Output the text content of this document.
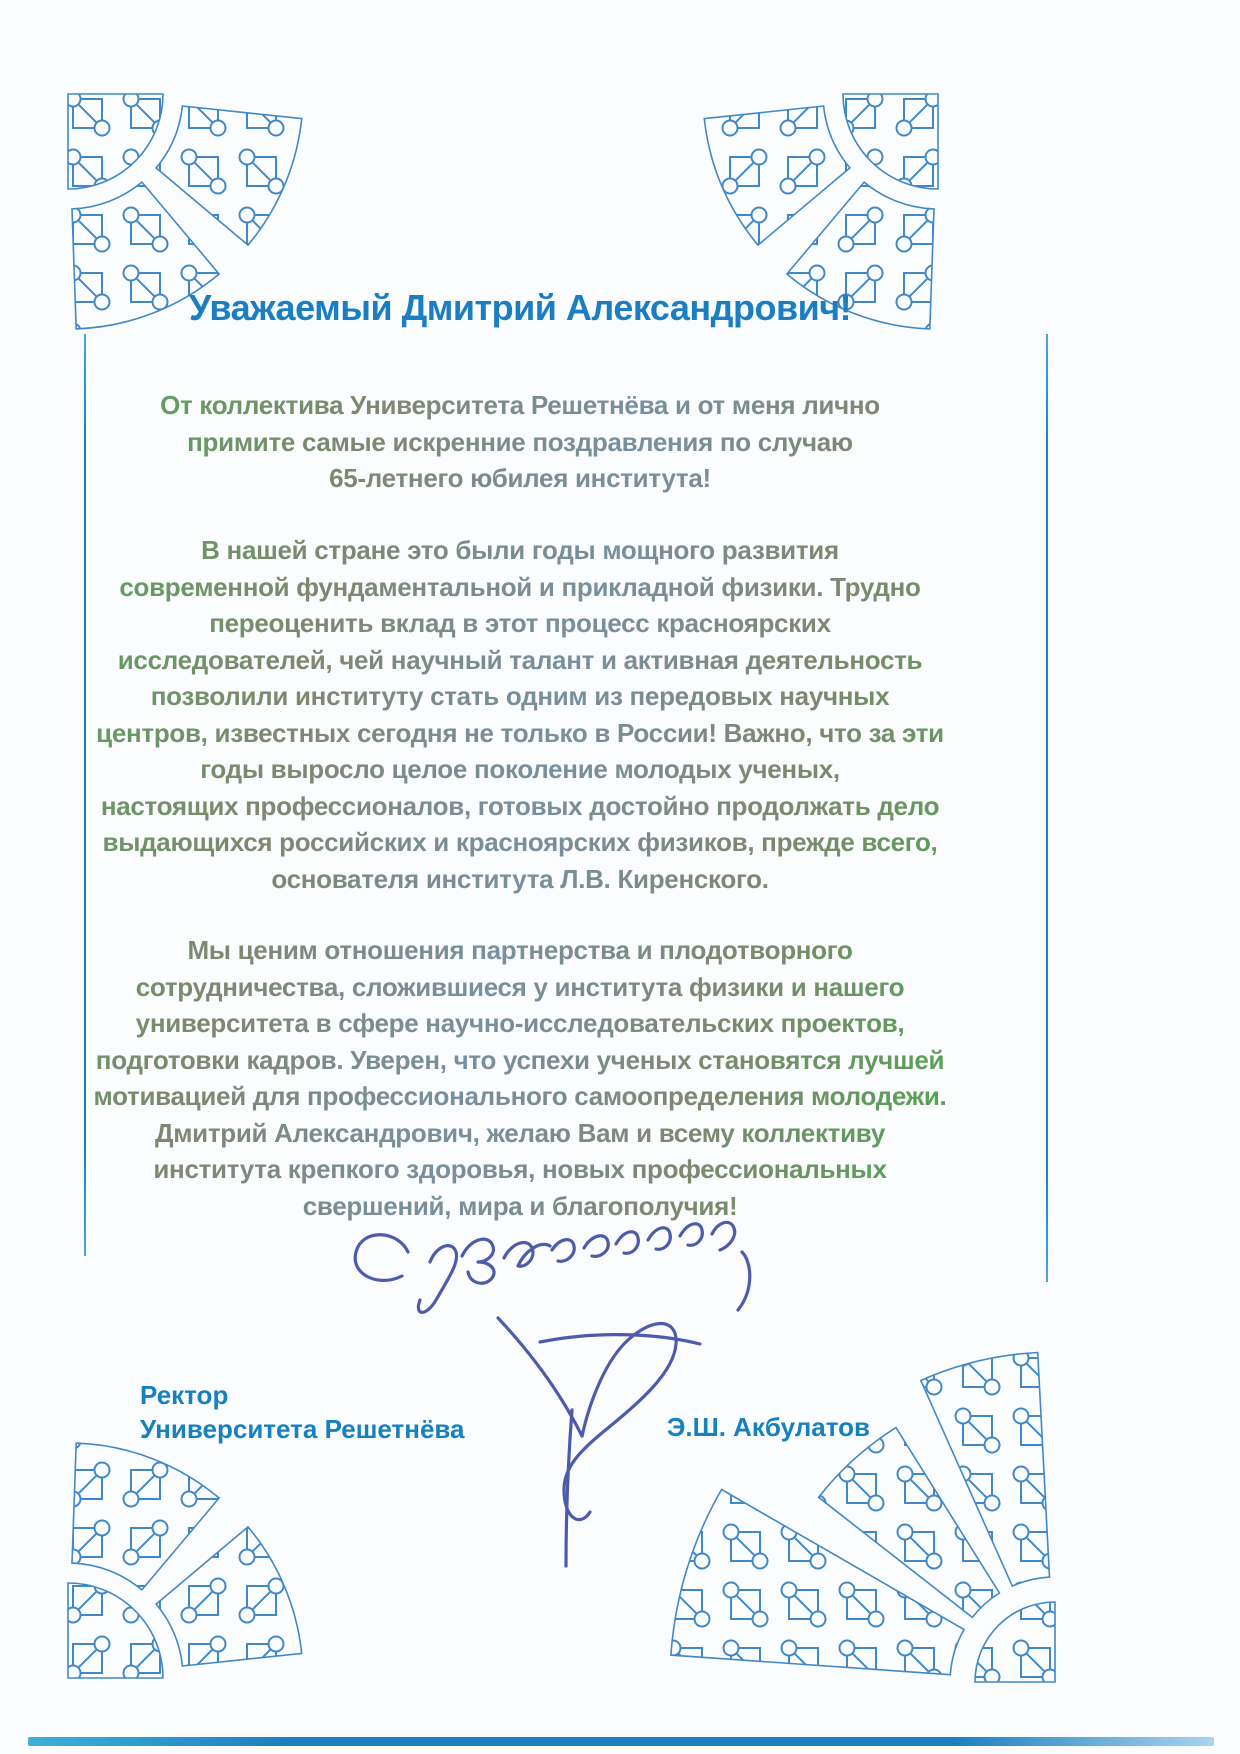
Уважаемый Дмитрий Александрович!
От коллектива Университета Решетнёва и от меня лично
примите самые искренние поздравления по случаю
65-летнего юбилея института!
В нашей стране это были годы мощного развития
современной фундаментальной и прикладной физики. Трудно
переоценить вклад в этот процесс красноярских
исследователей, чей научный талант и активная деятельность
позволили институту стать одним из передовых научных
центров, известных сегодня не только в России! Важно, что за эти
годы выросло целое поколение молодых ученых,
настоящих профессионалов, готовых достойно продолжать дело
выдающихся российских и красноярских физиков, прежде всего,
основателя института Л.В. Киренского.
Мы ценим отношения партнерства и плодотворного
сотрудничества, сложившиеся у института физики и нашего
университета в сфере научно-исследовательских проектов,
подготовки кадров. Уверен, что успехи ученых становятся лучшей
мотивацией для профессионального самоопределения молодежи.
Дмитрий Александрович, желаю Вам и всему коллективу
института крепкого здоровья, новых профессиональных
свершений, мира и благополучия!
Ректор
Университета Решетнёва	Э.Ш. Акбулатов
